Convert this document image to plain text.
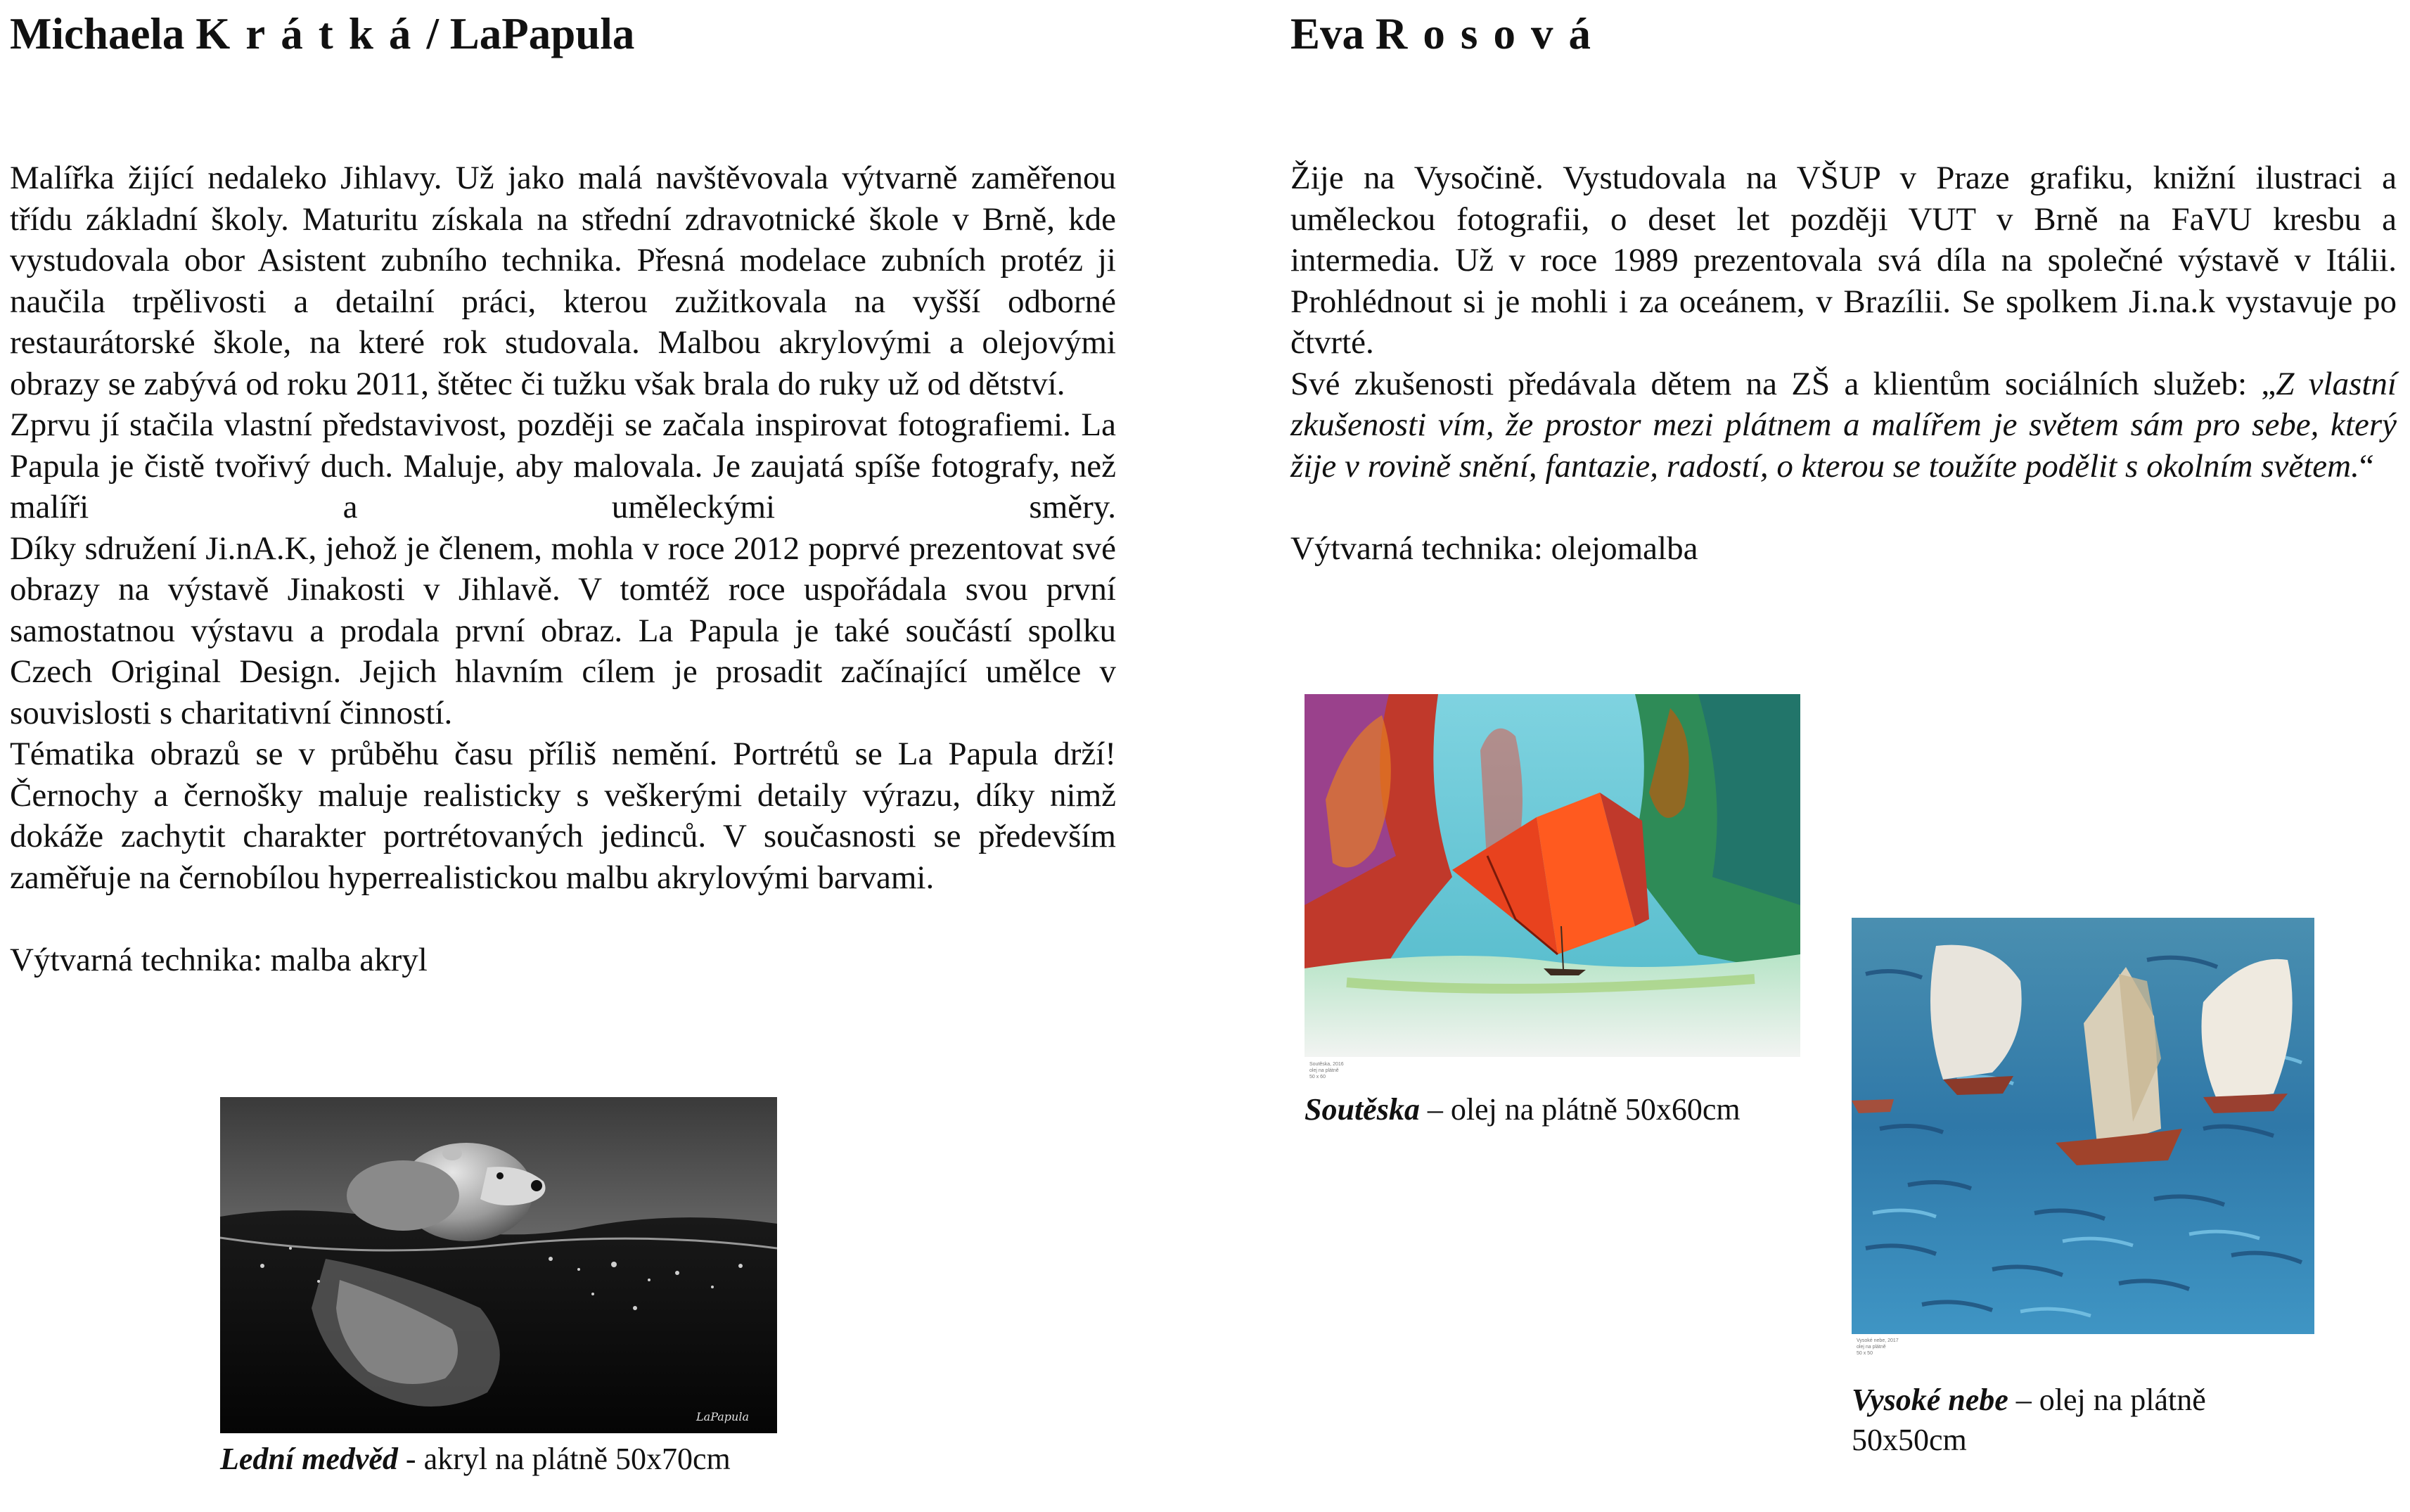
Michaela Krátká/ LaPapula

Malířka žijící nedaleko Jihlavy. Už jako malá navštěvovala výtvarně zaměřenou třídu základní školy. Maturitu získala na střední zdravotnické škole v Brně, kde vystudovala obor Asistent zubního technika. Přesná modelace zubních protéz ji naučila trpělivosti a detailní práci, kterou zužitkovala na vyšší odborné restaurátorské škole, na které rok studovala. Malbou akrylovými a olejovými obrazy se zabývá od roku 2011, štětec či tužku však brala do ruky už od dětství.

Zprvu jí stačila vlastní představivost, později se začala inspirovat fotografiemi. La Papula je čistě tvořivý duch. Maluje, aby malovala. Je zaujatá spíše fotografy, než malíři a uměleckými směry.

Díky sdružení Ji.nA.K, jehož je členem, mohla v roce 2012 poprvé prezentovat své obrazy na výstavě Jinakosti v Jihlavě. V tomtéž roce uspořádala svou první samostatnou výstavu a prodala první obraz. La Papula je také součástí spolku Czech Original Design. Jejich hlavním cílem je prosadit začínající umělce v souvislosti s charitativní činností.

Tématika obrazů se v průběhu času příliš nemění. Portrétů se La Papula drží! Černochy a černošky maluje realisticky s veškerými detaily výrazu, díky nimž dokáže zachytit charakter portrétovaných jedinců. V současnosti se především zaměřuje na černobílou hyperrealistickou malbu akrylovými barvami.

Výtvarná technika: malba akryl

LaPapula
Lední medvěd - akryl na plátně 50x70cm
Eva Rosová

Žije na Vysočině. Vystudovala na VŠUP v Praze grafiku, knižní ilustraci a uměleckou fotografii, o deset let později VUT v Brně na FaVU kresbu a intermedia. Už v roce 1989 prezentovala svá díla na společné výstavě v Itálii. Prohlédnout si je mohli i za oceánem, v Brazílii. Se spolkem Ji.na.k vystavuje po čtvrté.

Své zkušenosti předávala dětem na ZŠ a klientům sociálních služeb: „Z vlastní zkušenosti vím, že prostor mezi plátnem a malířem je světem sám pro sebe, který žije v rovině snění, fantazie, radostí, o kterou se toužíte podělit s okolním světem.“

Výtvarná technika: olejomalba

Soutěska, 2016
olej na plátně
50 x 60
Soutěska – olej na plátně 50x60cm
Vysoké nebe, 2017
olej na plátně
50 x 50
Vysoké nebe – olej na plátně 50x50cm
